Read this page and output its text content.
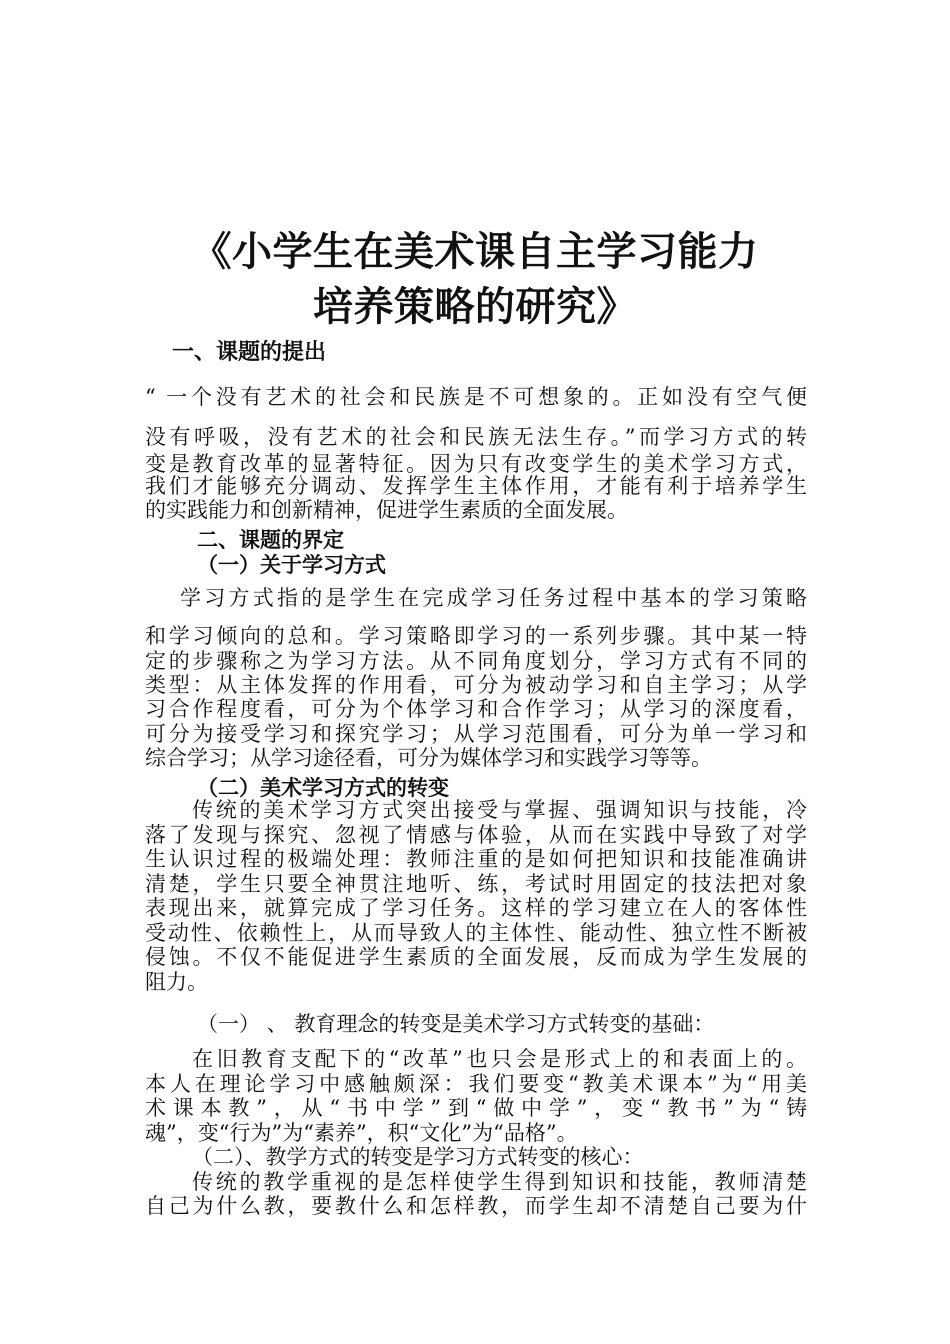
《小学生在美术课自主学习能力
培养策略的研究》
一、课题的提出
“ 一个没有艺术的社会和民族是不可想象的。正如没有空气便
没有呼吸，没有艺术的社会和民族无法生存。”而学习方式的转
变是教育改革的显著特征。因为只有改变学生的美术学习方式，
我们才能够充分调动、发挥学生主体作用，才能有利于培养学生
的实践能力和创新精神，促进学生素质的全面发展。
二、课题的界定
（一）关于学习方式
学习方式指的是学生在完成学习任务过程中基本的学习策略
和学习倾向的总和。学习策略即学习的一系列步骤。其中某一特
定的步骤称之为学习方法。从不同角度划分，学习方式有不同的
类型：从主体发挥的作用看，可分为被动学习和自主学习；从学
习合作程度看，可分为个体学习和合作学习；从学习的深度看，
可分为接受学习和探究学习；从学习范围看，可分为单一学习和
综合学习；从学习途径看，可分为媒体学习和实践学习等等。
（二）美术学习方式的转变
传统的美术学习方式突出接受与掌握、强调知识与技能，冷
落了发现与探究、忽视了情感与体验，从而在实践中导致了对学
生认识过程的极端处理：教师注重的是如何把知识和技能准确讲
清楚，学生只要全神贯注地听、练，考试时用固定的技法把对象
表现出来，就算完成了学习任务。这样的学习建立在人的客体性
受动性、依赖性上，从而导致人的主体性、能动性、独立性不断被
侵蚀。不仅不能促进学生素质的全面发展，反而成为学生发展的
阻力。
（一） 、 教育理念的转变是美术学习方式转变的基础：
在旧教育支配下的“改革”也只会是形式上的和表面上的。
本人在理论学习中感触颇深：我们要变“教美术课本”为“用美
术课本教”，从“书中学”到“做中学”，变“教书”为“铸
魂”，变“行为”为“素养”，积“文化”为“品格”。
（二）、教学方式的转变是学习方式转变的核心：
传统的教学重视的是怎样使学生得到知识和技能，教师清楚
自己为什么教，要教什么和怎样教，而学生却不清楚自己要为什
